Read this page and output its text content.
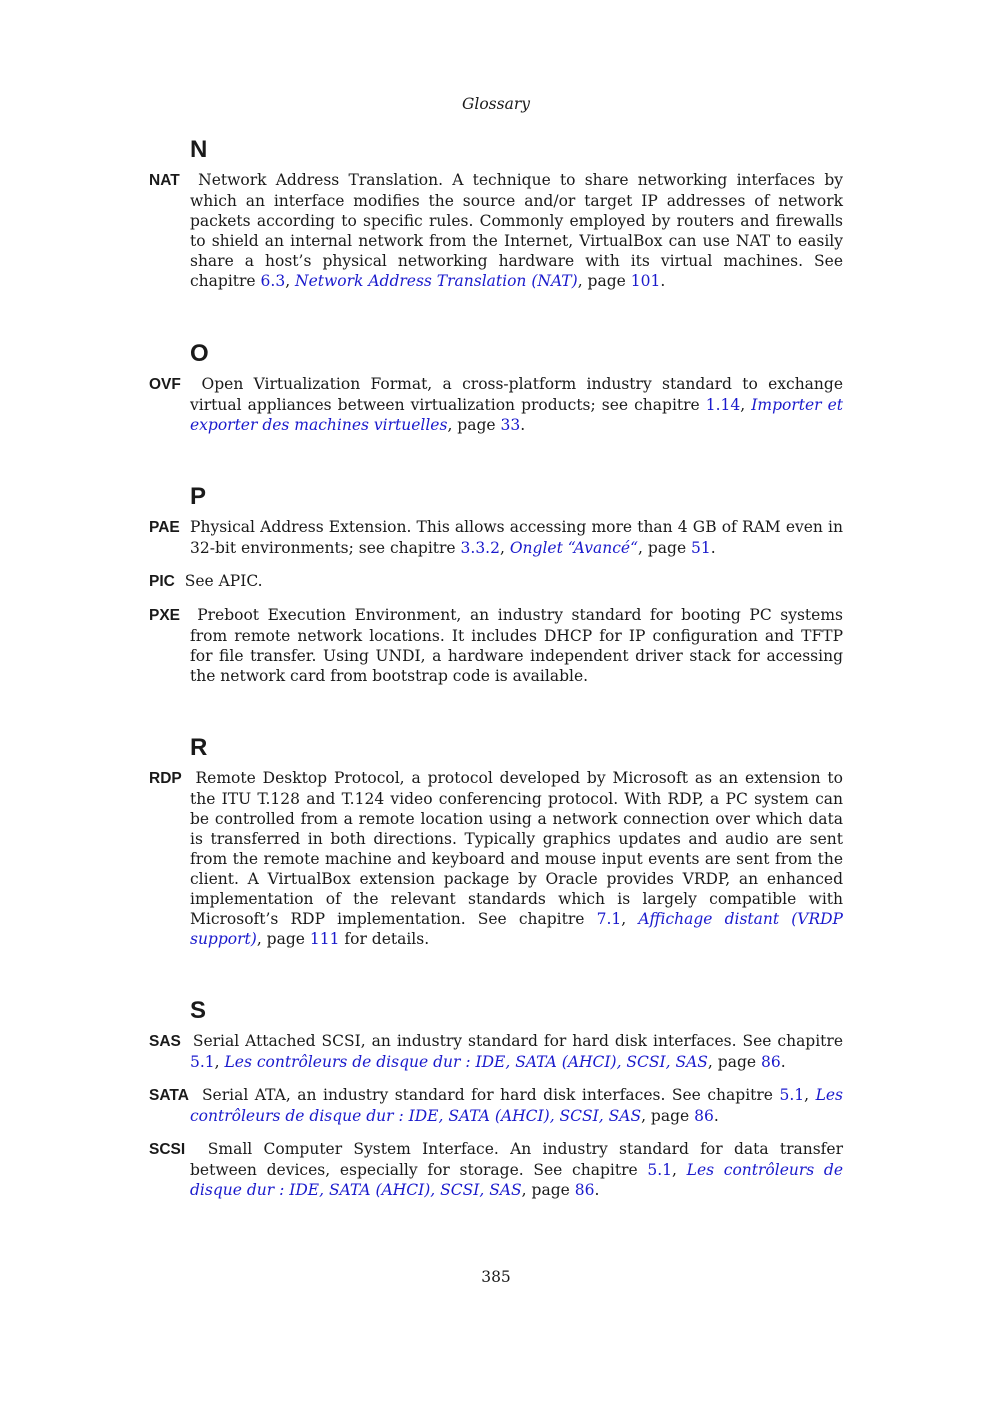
Glossary
N

NAT Network Address Translation. A technique to share networking interfaces by which an interface modifies the source and/or target IP addresses of network packets according to specific rules. Commonly employed by routers and firewalls to shield an internal network from the Internet, VirtualBox can use NAT to easily share a host’s physical networking hardware with its virtual machines. See chapitre 6.3, Network Address Translation (NAT), page 101.

O

OVF Open Virtualization Format, a cross-platform industry standard to exchange virtual appliances between virtualization products; see chapitre 1.14, Importer et exporter des machines virtuelles, page 33.

P

PAE Physical Address Extension. This allows accessing more than 4 GB of RAM even in 32-bit environments; see chapitre 3.3.2, Onglet “Avancé“, page 51.

PIC See APIC.

PXE Preboot Execution Environment, an industry standard for booting PC systems from remote network locations. It includes DHCP for IP configuration and TFTP for file transfer. Using UNDI, a hardware independent driver stack for accessing the network card from bootstrap code is available.

R

RDP Remote Desktop Protocol, a protocol developed by Microsoft as an extension to the ITU T.128 and T.124 video conferencing protocol. With RDP, a PC system can be controlled from a remote location using a network connection over which data is transferred in both directions. Typically graphics updates and audio are sent from the remote machine and keyboard and mouse input events are sent from the client. A VirtualBox extension package by Oracle provides VRDP, an enhanced implementation of the relevant standards which is largely compatible with Microsoft’s RDP implementation. See chapitre 7.1, Affichage distant (VRDP support), page 111 for details.

S

SAS Serial Attached SCSI, an industry standard for hard disk interfaces. See chapitre 5.1, Les contrôleurs de disque dur : IDE, SATA (AHCI), SCSI, SAS, page 86.

SATA Serial ATA, an industry standard for hard disk interfaces. See chapitre 5.1, Les contrôleurs de disque dur : IDE, SATA (AHCI), SCSI, SAS, page 86.

SCSI Small Computer System Interface. An industry standard for data transfer between devices, especially for storage. See chapitre 5.1, Les contrôleurs de disque dur : IDE, SATA (AHCI), SCSI, SAS, page 86.

385
